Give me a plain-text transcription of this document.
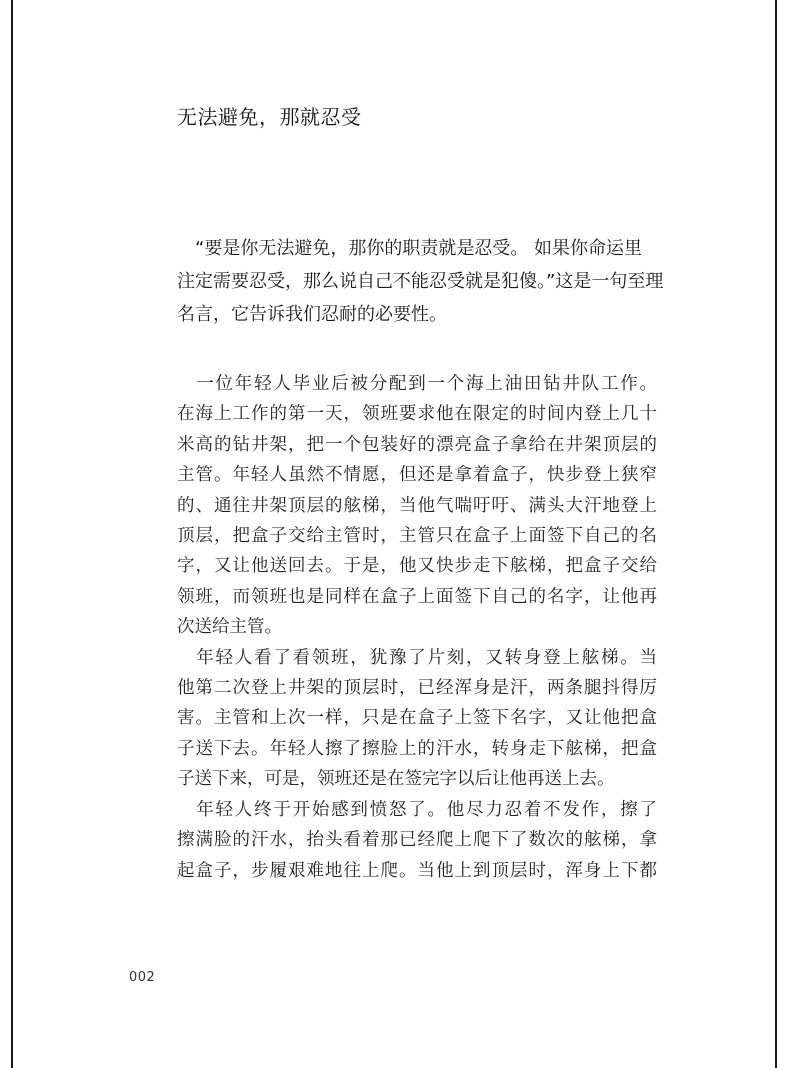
无法避免，那就忍受
　“要是你无法避免，那你的职责就是忍受。 如果你命运里
注定需要忍受，那么说自己不能忍受就是犯傻。”这是一句至理
名言，它告诉我们忍耐的必要性。
　一位年轻人毕业后被分配到一个海上油田钻井队工作。
在海上工作的第一天，领班要求他在限定的时间内登上几十
米高的钻井架，把一个包装好的漂亮盒子拿给在井架顶层的
主管。年轻人虽然不情愿，但还是拿着盒子，快步登上狭窄
的、通往井架顶层的舷梯，当他气喘吁吁、满头大汗地登上
顶层，把盒子交给主管时，主管只在盒子上面签下自己的名
字，又让他送回去。于是，他又快步走下舷梯，把盒子交给
领班，而领班也是同样在盒子上面签下自己的名字，让他再
次送给主管。
　年轻人看了看领班，犹豫了片刻，又转身登上舷梯。当
他第二次登上井架的顶层时，已经浑身是汗，两条腿抖得厉
害。主管和上次一样，只是在盒子上签下名字，又让他把盒
子送下去。年轻人擦了擦脸上的汗水，转身走下舷梯，把盒
子送下来，可是，领班还是在签完字以后让他再送上去。
　年轻人终于开始感到愤怒了。他尽力忍着不发作，擦了
擦满脸的汗水，抬头看着那已经爬上爬下了数次的舷梯，拿
起盒子，步履艰难地往上爬。当他上到顶层时，浑身上下都
002
